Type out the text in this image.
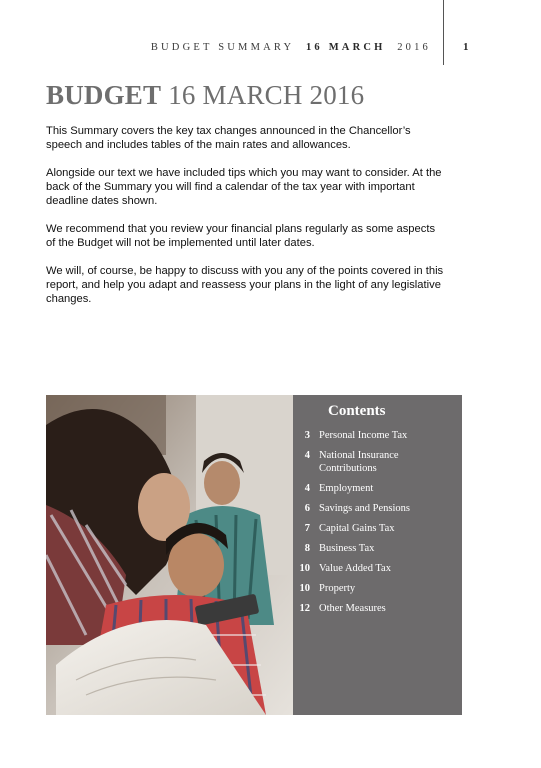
BUDGET SUMMARY 16 MARCH 2016	1
BUDGET 16 MARCH 2016

This Summary covers the key tax changes announced in the Chancellor’s speech and includes tables of the main rates and allowances.

Alongside our text we have included tips which you may want to consider. At the back of the Summary you will find a calendar of the tax year with important deadline dates shown.

We recommend that you review your financial plans regularly as some aspects of the Budget will not be implemented until later dates.

We will, of course, be happy to discuss with you any of the points covered in this report, and help you adapt and reassess your plans in the light of any legislative changes.

Contents
3 Personal Income Tax
4 National Insurance Contributions
4 Employment
6 Savings and Pensions
7 Capital Gains Tax
8 Business Tax
10 Value Added Tax
10 Property
12 Other Measures
